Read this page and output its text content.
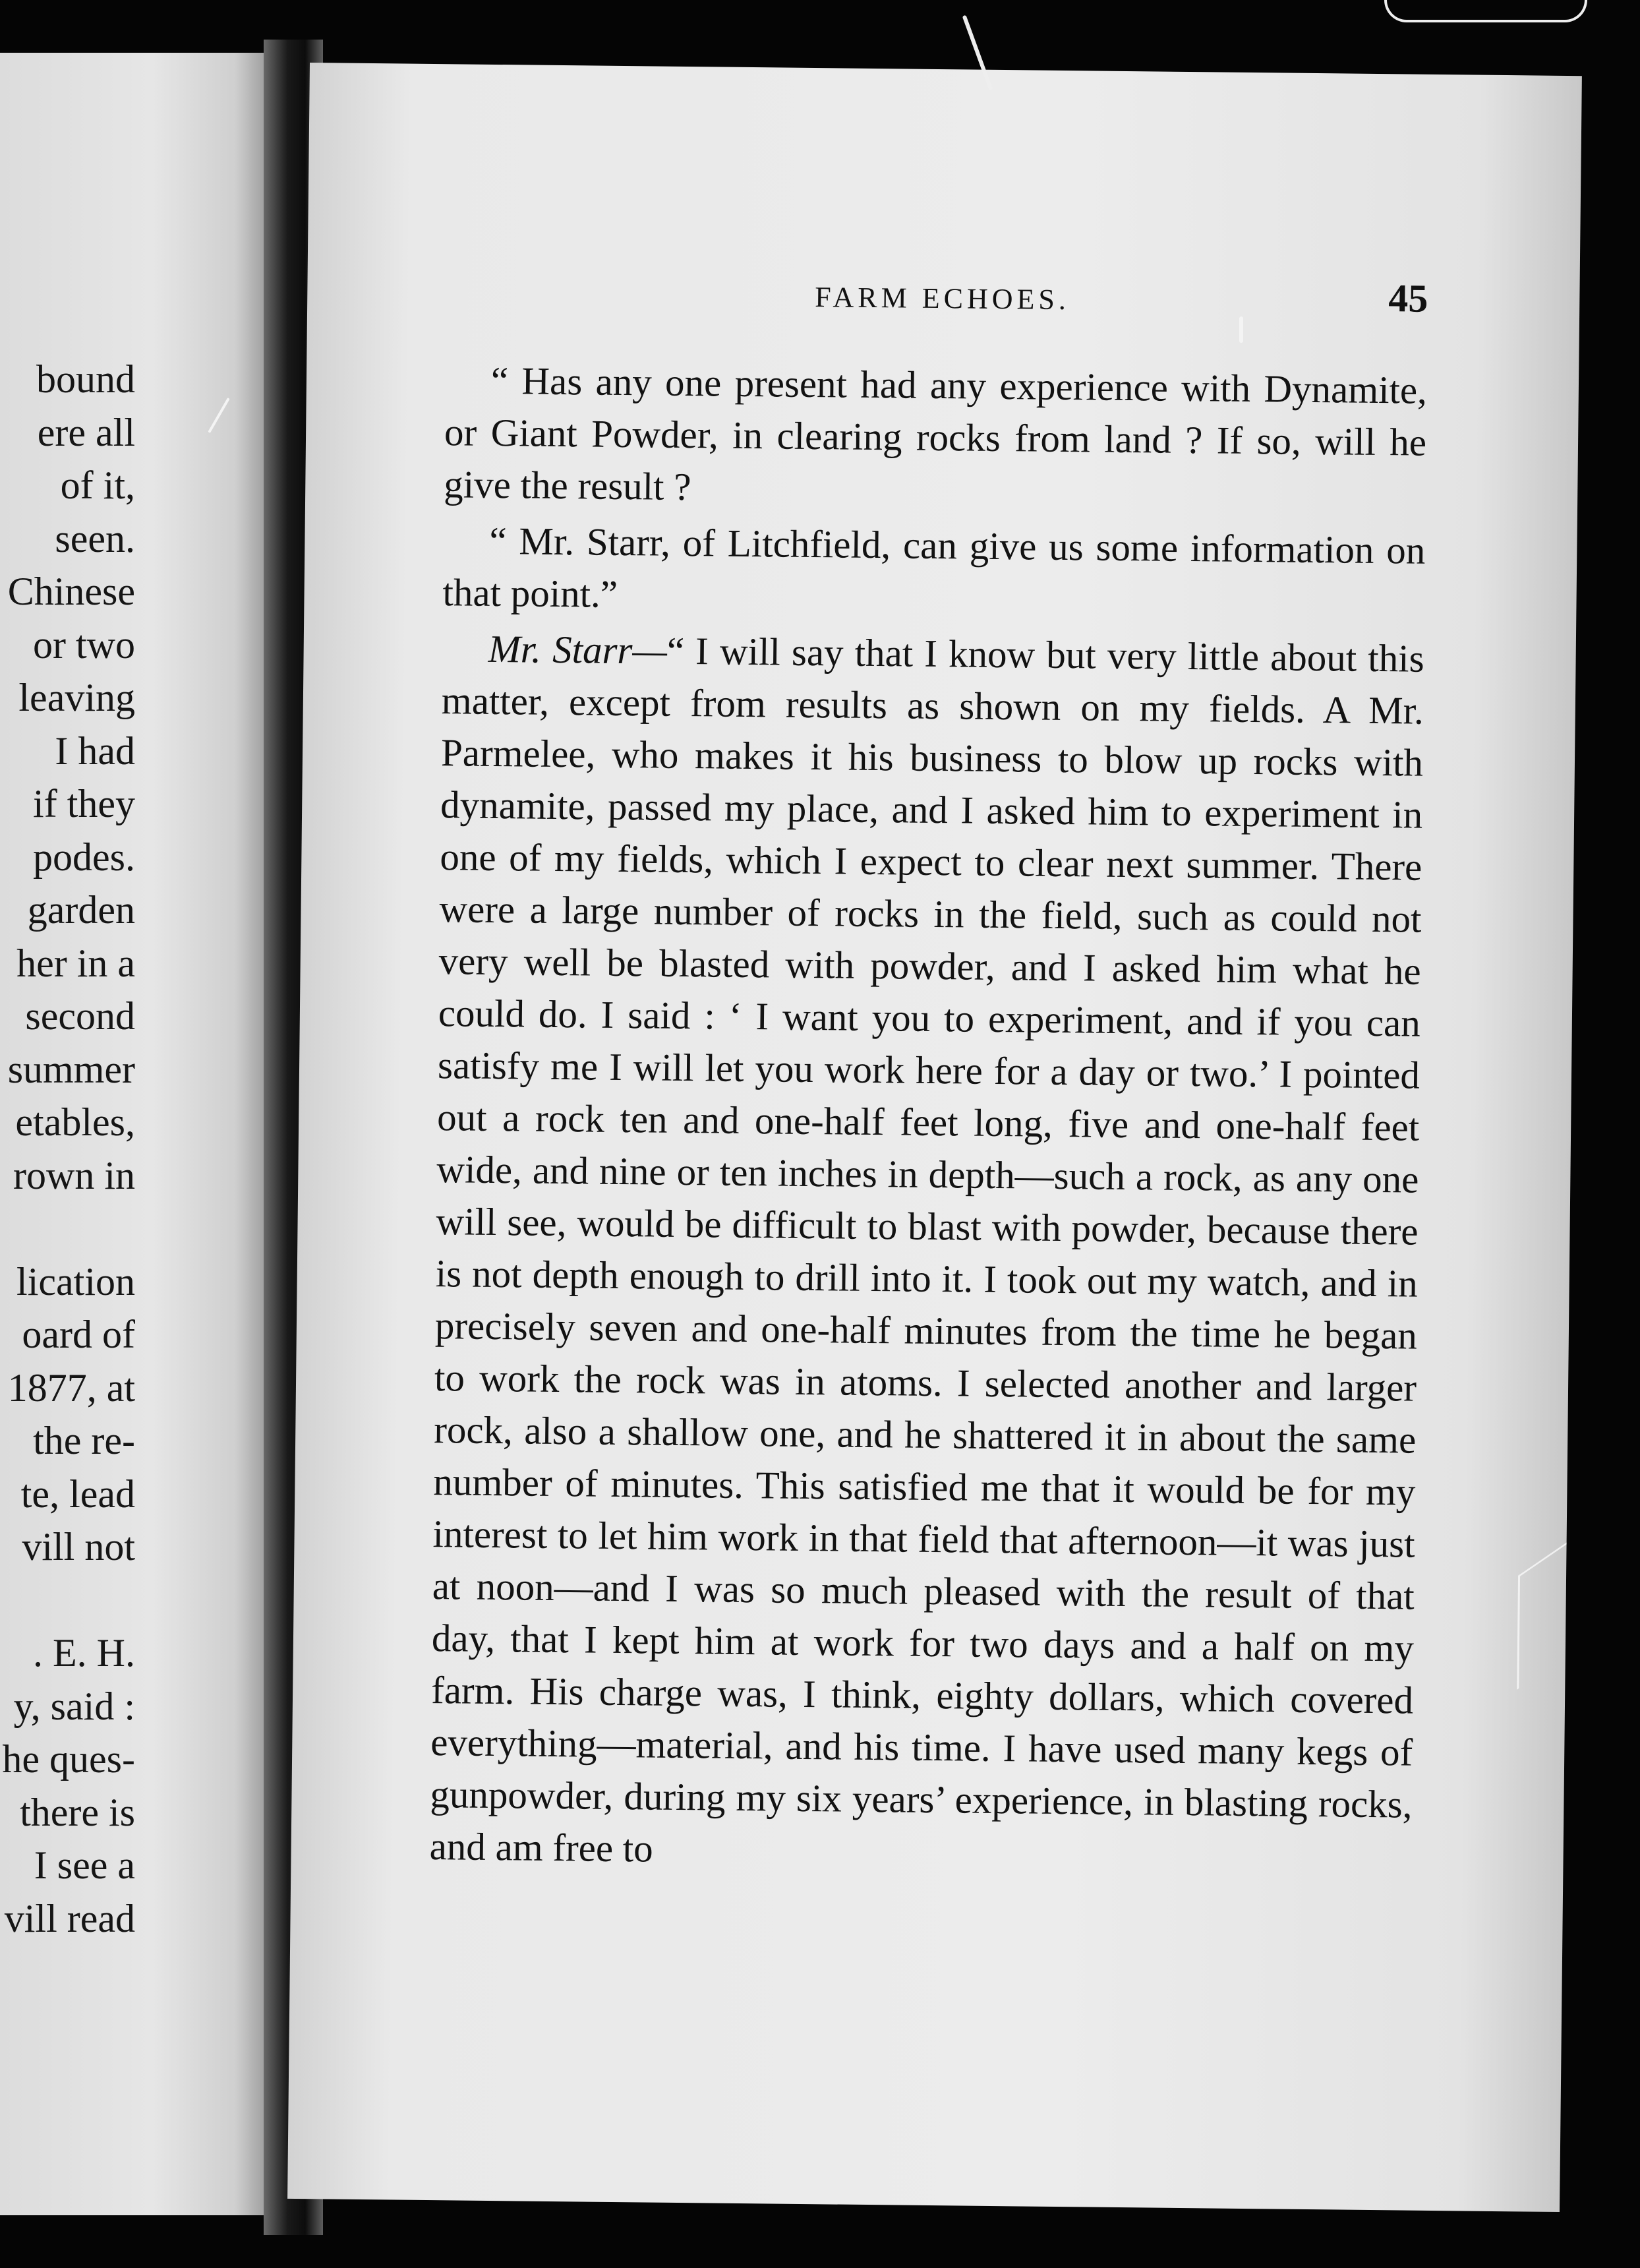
bound
ere all
of it,
seen.
Chinese
or two
leaving
I had
if they
podes.
garden
her in a
second
summer
etables,
rown in
lication
oard of
1877, at
the re-
te, lead
vill not
. E. H.
y, said :
he ques-
there is
I see a
vill read
FARM ECHOES.	45

“ Has any one present had any experience with Dynamite, or Giant Powder, in clearing rocks from land ? If so, will he give the result ?

“ Mr. Starr, of Litchfield, can give us some information on that point.”

Mr. Starr—“ I will say that I know but very little about this matter, except from results as shown on my fields. A Mr. Parmelee, who makes it his business to blow up rocks with dynamite, passed my place, and I asked him to experiment in one of my fields, which I expect to clear next summer. There were a large number of rocks in the field, such as could not very well be blasted with powder, and I asked him what he could do. I said : ‘ I want you to experiment, and if you can satisfy me I will let you work here for a day or two.’ I pointed out a rock ten and one-half feet long, five and one-half feet wide, and nine or ten inches in depth—such a rock, as any one will see, would be difficult to blast with powder, because there is not depth enough to drill into it. I took out my watch, and in precisely seven and one-half minutes from the time he began to work the rock was in atoms. I selected another and larger rock, also a shallow one, and he shattered it in about the same number of minutes. This satisfied me that it would be for my interest to let him work in that field that afternoon—it was just at noon—and I was so much pleased with the result of that day, that I kept him at work for two days and a half on my farm. His charge was, I think, eighty dollars, which covered everything—material, and his time. I have used many kegs of gunpowder, during my six years’ experience, in blasting rocks, and am free to
